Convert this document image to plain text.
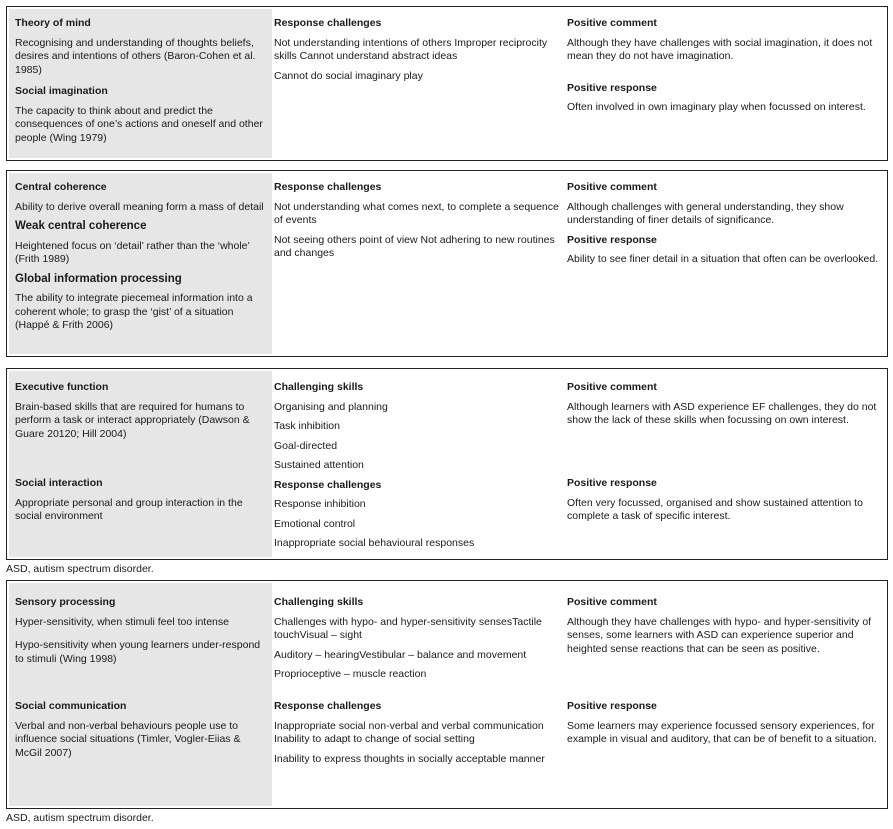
Theory of mind
Recognising and understanding of thoughts beliefs, desires and intentions of others (Baron-Cohen et al. 1985)
Social imagination
The capacity to think about and predict the consequences of one’s actions and oneself and other people (Wing 1979)
Response challenges
Not understanding intentions of others Improper reciprocity skills Cannot understand abstract ideas
Cannot do social imaginary play
Positive comment
Although they have challenges with social imagination, it does not mean they do not have imagination.
Positive response
Often involved in own imaginary play when focussed on interest.
Central coherence
Ability to derive overall meaning form a mass of detail
Weak central coherence
Heightened focus on ‘detail’ rather than the ‘whole’ (Frith 1989)
Global information processing
The ability to integrate piecemeal information into a coherent whole; to grasp the ‘gist’ of a situation (Happé & Frith 2006)
Response challenges
Not understanding what comes next, to complete a sequence of events
Not seeing others point of view Not adhering to new routines and changes
Positive comment
Although challenges with general understanding, they show understanding of finer details of significance.
Positive response
Ability to see finer detail in a situation that often can be overlooked.
Executive function
Brain-based skills that are required for humans to perform a task or interact appropriately (Dawson & Guare 20120; Hill 2004)
Social interaction
Appropriate personal and group interaction in the social environment
Challenging skills
Organising and planning
Task inhibition
Goal-directed
Sustained attention
Response challenges
Response inhibition
Emotional control
Inappropriate social behavioural responses
Positive comment
Although learners with ASD experience EF challenges, they do not show the lack of these skills when focussing on own interest.
Positive response
Often very focussed, organised and show sustained attention to complete a task of specific interest.
ASD, autism spectrum disorder.
Sensory processing
Hyper-sensitivity, when stimuli feel too intense
Hypo-sensitivity when young learners under-respond to stimuli (Wing 1998)
Social communication
Verbal and non-verbal behaviours people use to influence social situations (Timler, Vogler-Eiias & McGil 2007)
Challenging skills
Challenges with hypo- and hyper-sensitivity sensesTactile touchVisual – sight
Auditory – hearingVestibular – balance and movement
Proprioceptive – muscle reaction
Response challenges
Inappropriate social non-verbal and verbal communication Inability to adapt to change of social setting
Inability to express thoughts in socially acceptable manner
Positive comment
Although they have challenges with hypo- and hyper-sensitivity of senses, some learners with ASD can experience superior and heighted sense reactions that can be seen as positive.
Positive response
Some learners may experience focussed sensory experiences, for example in visual and auditory, that can be of benefit to a situation.
ASD, autism spectrum disorder.
